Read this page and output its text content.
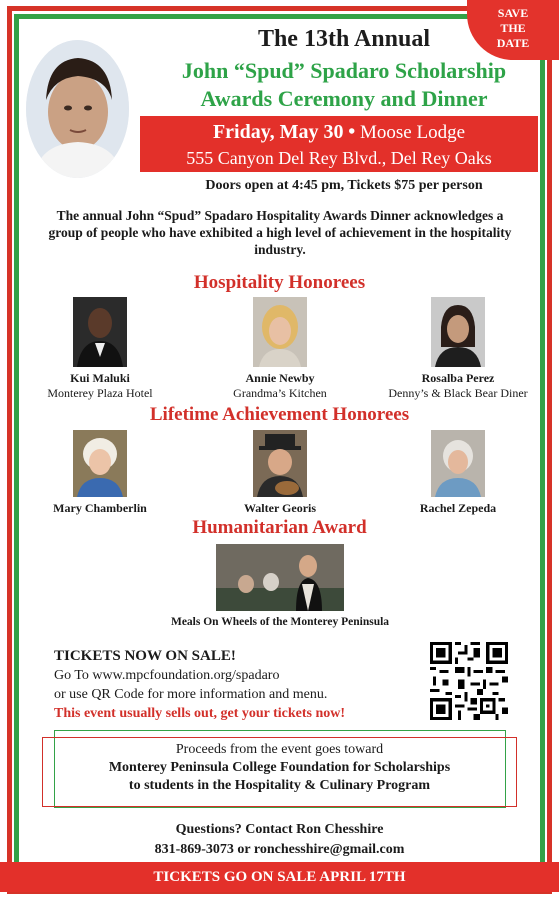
SAVE
THE
DATE
The 13th Annual
John “Spud” Spadaro Scholarship
Awards Ceremony and Dinner
Friday, May 30 • Moose Lodge
555 Canyon Del Rey Blvd., Del Rey Oaks
Doors open at 4:45 pm, Tickets $75 per person
The annual John “Spud” Spadaro Hospitality Awards Dinner acknowledges a group of people who have exhibited a high level of achievement in the hospitality industry.
Hospitality Honorees
Kui Maluki
Monterey Plaza Hotel
Annie Newby
Grandma’s Kitchen
Rosalba Perez
Denny’s & Black Bear Diner
Lifetime Achievement Honorees
Mary Chamberlin	Walter Georis	Rachel Zepeda
Humanitarian Award
Meals On Wheels of the Monterey Peninsula
TICKETS NOW ON SALE!
Go To www.mpcfoundation.org/spadaro
or use QR Code for more information and menu.
This event usually sells out, get your tickets now!
Proceeds from the event goes toward
Monterey Peninsula College Foundation for Scholarships
to students in the Hospitality & Culinary Program
Questions? Contact Ron Chesshire
831-869-3073 or ronchesshire@gmail.com
TICKETS GO ON SALE APRIL 17TH
